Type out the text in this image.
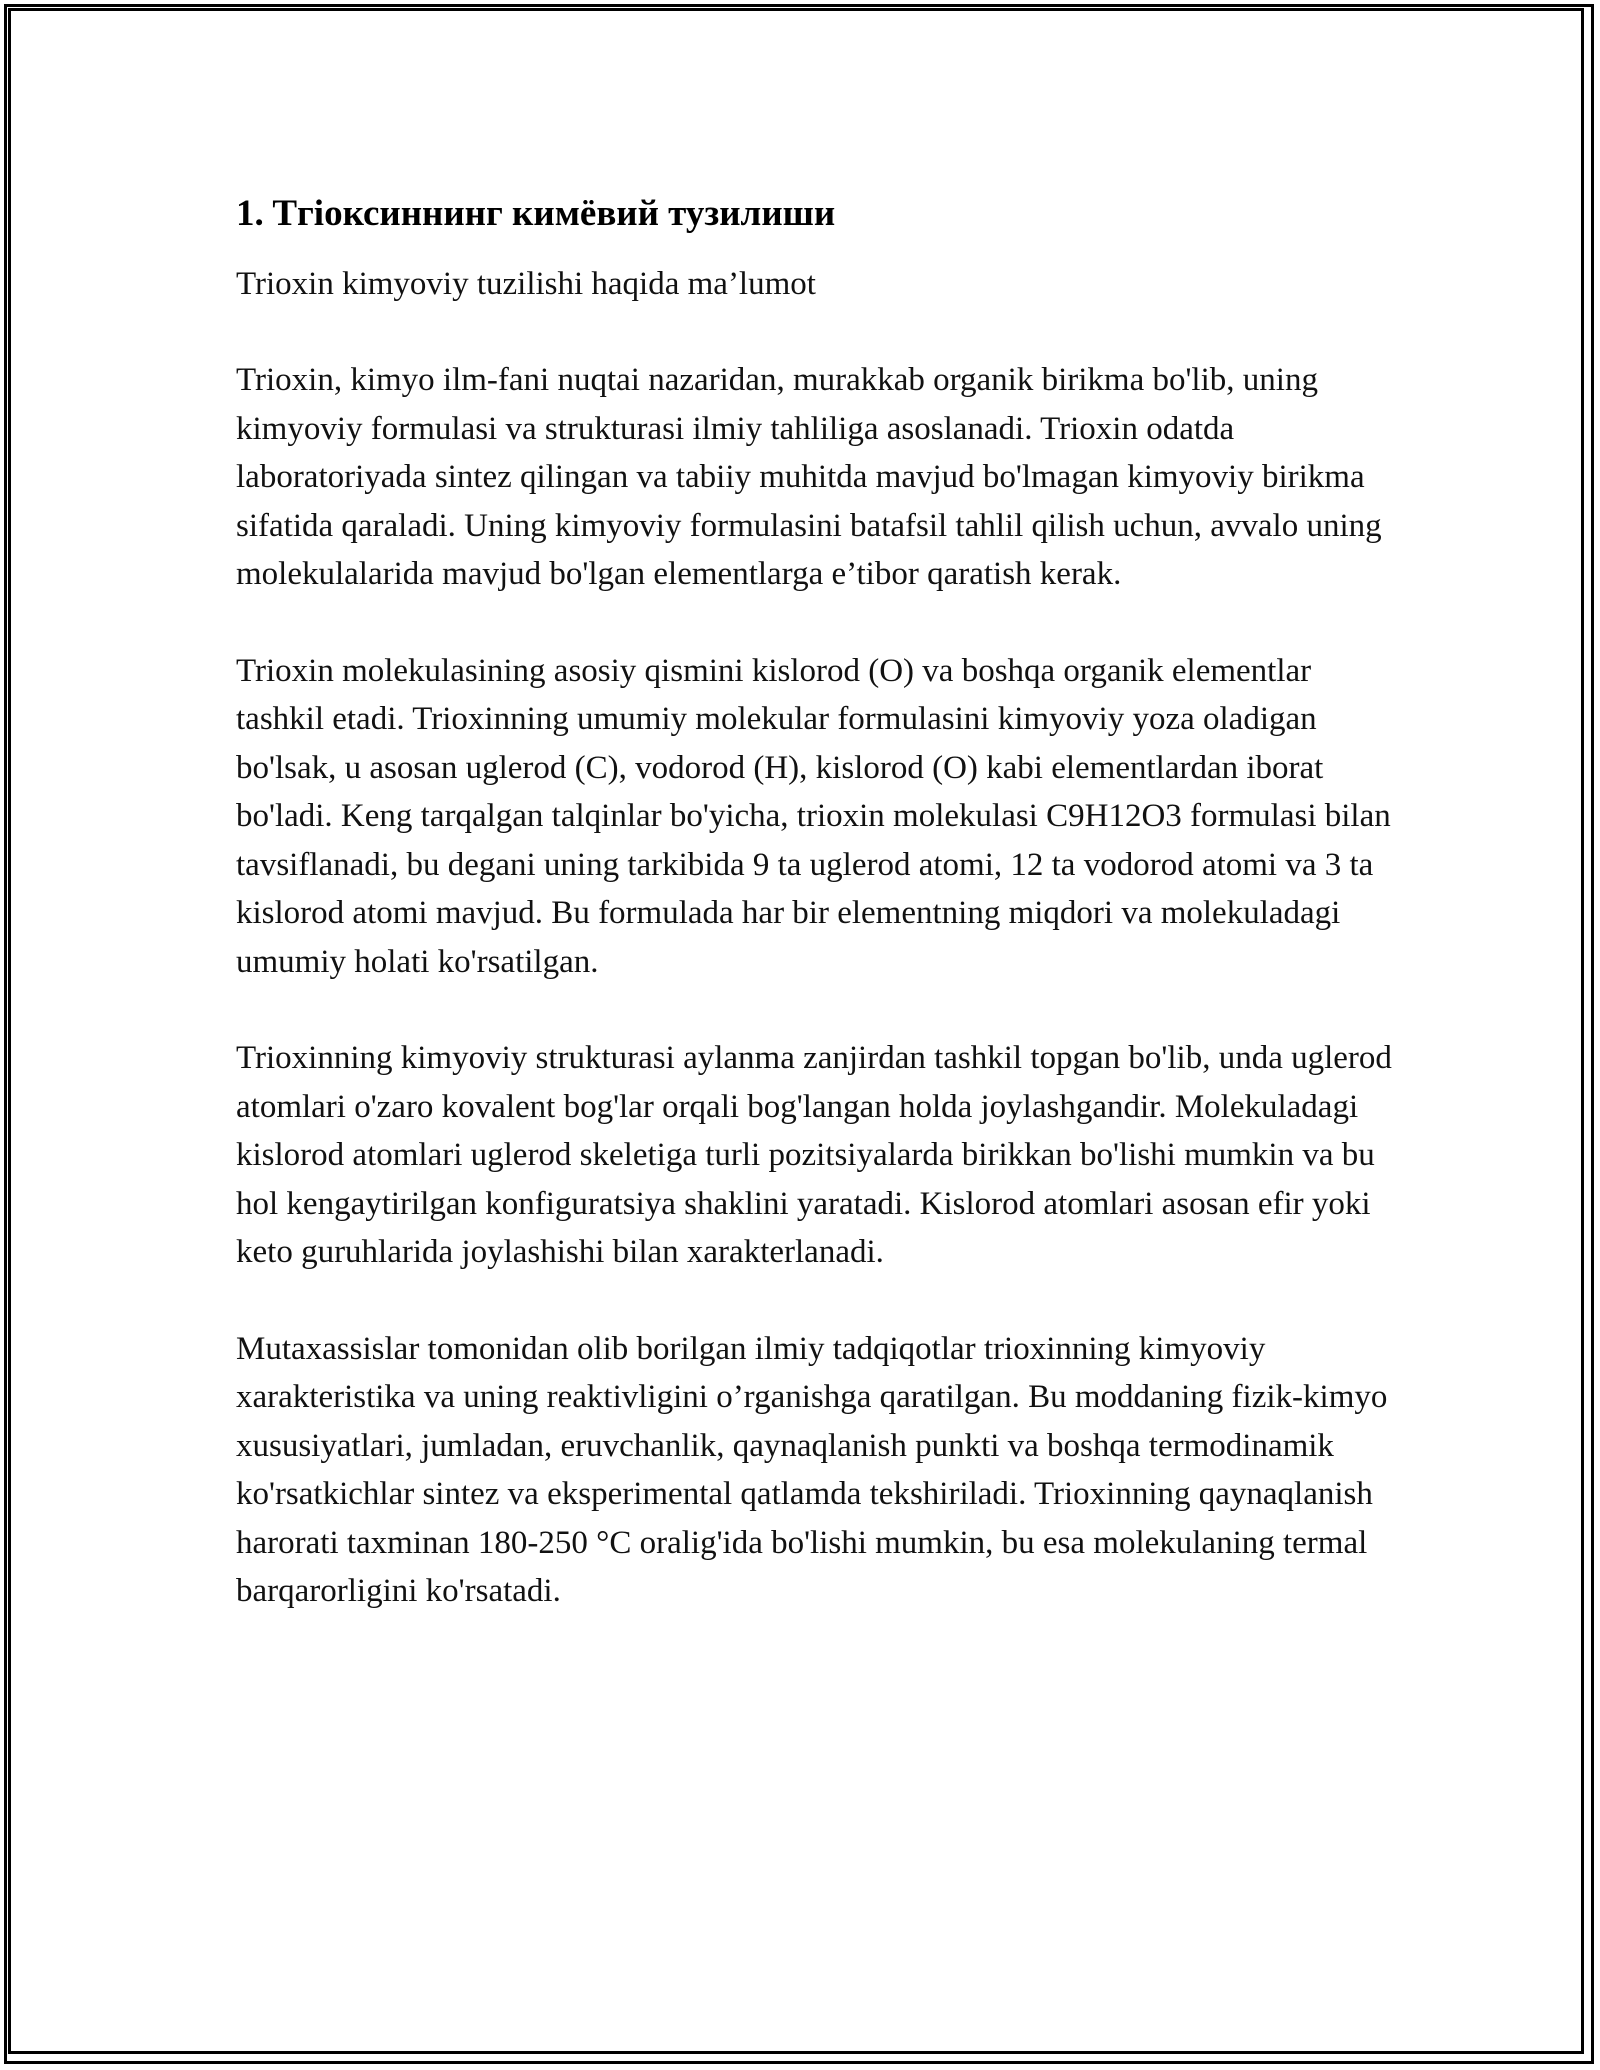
1. Tгіоксиннинг кимёвий тузилиши
Trioxin kimyoviy tuzilishi haqida ma’lumot

Trioxin, kimyo ilm-fani nuqtai nazaridan, murakkab organik birikma bo'lib, uning kimyoviy formulasi va strukturasi ilmiy tahliliga asoslanadi. Trioxin odatda laboratoriyada sintez qilingan va tabiiy muhitda mavjud bo'lmagan kimyoviy birikma sifatida qaraladi. Uning kimyoviy formulasini batafsil tahlil qilish uchun, avvalo uning molekulalarida mavjud bo'lgan elementlarga e’tibor qaratish kerak.

Trioxin molekulasining asosiy qismini kislorod (O) va boshqa organik elementlar tashkil etadi. Trioxinning umumiy molekular formulasini kimyoviy yoza oladigan bo'lsak, u asosan uglerod (C), vodorod (H), kislorod (O) kabi elementlardan iborat bo'ladi. Keng tarqalgan talqinlar bo'yicha, trioxin molekulasi C9H12O3 formulasi bilan tavsiflanadi, bu degani uning tarkibida 9 ta uglerod atomi, 12 ta vodorod atomi va 3 ta kislorod atomi mavjud. Bu formulada har bir elementning miqdori va molekuladagi umumiy holati ko'rsatilgan.

Trioxinning kimyoviy strukturasi aylanma zanjirdan tashkil topgan bo'lib, unda uglerod atomlari o'zaro kovalent bog'lar orqali bog'langan holda joylashgandir. Molekuladagi kislorod atomlari uglerod skeletiga turli pozitsiyalarda birikkan bo'lishi mumkin va bu hol kengaytirilgan konfiguratsiya shaklini yaratadi. Kislorod atomlari asosan efir yoki keto guruhlarida joylashishi bilan xarakterlanadi.

Mutaxassislar tomonidan olib borilgan ilmiy tadqiqotlar trioxinning kimyoviy xarakteristika va uning reaktivligini o’rganishga qaratilgan. Bu moddaning fizik-kimyo xususiyatlari, jumladan, eruvchanlik, qaynaqlanish punkti va boshqa termodinamik ko'rsatkichlar sintez va eksperimental qatlamda tekshiriladi. Trioxinning qaynaqlanish harorati taxminan 180-250 °C oralig'ida bo'lishi mumkin, bu esa molekulaning termal barqarorligini ko'rsatadi.
